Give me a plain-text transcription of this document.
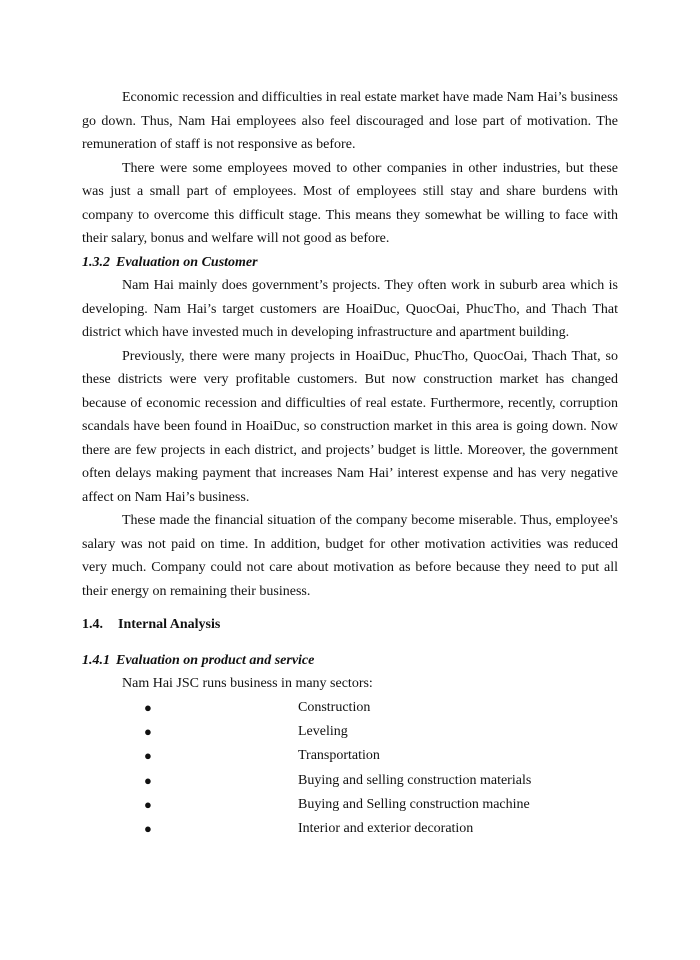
Economic recession and difficulties in real estate market have made Nam Hai’s business go down. Thus, Nam Hai employees also feel discouraged and lose part of motivation. The remuneration of staff is not responsive as before.

There were some employees moved to other companies in other industries, but these was just a small part of employees. Most of employees still stay and share burdens with company to overcome this difficult stage. This means they somewhat be willing to face with their salary, bonus and welfare will not good as before.

1.3.2 Evaluation on Customer

Nam Hai mainly does government’s projects. They often work in suburb area which is developing. Nam Hai’s target customers are HoaiDuc, QuocOai, PhucTho, and Thach That district which have invested much in developing infrastructure and apartment building.

Previously, there were many projects in HoaiDuc, PhucTho, QuocOai, Thach That, so these districts were very profitable customers. But now construction market has changed because of economic recession and difficulties of real estate. Furthermore, recently, corruption scandals have been found in HoaiDuc, so construction market in this area is going down. Now there are few projects in each district, and projects’ budget is little. Moreover, the government often delays making payment that increases Nam Hai’ interest expense and has very negative affect on Nam Hai’s business.

These made the financial situation of the company become miserable. Thus, employee's salary was not paid on time. In addition, budget for other motivation activities was reduced very much. Company could not care about motivation as before because they need to put all their energy on remaining their business.

1.4. Internal Analysis
1.4.1 Evaluation on product and service
Nam Hai JSC runs business in many sectors:
●	Construction
●	Leveling
●	Transportation
●	Buying and selling construction materials
●	Buying and Selling construction machine
●	Interior and exterior decoration
